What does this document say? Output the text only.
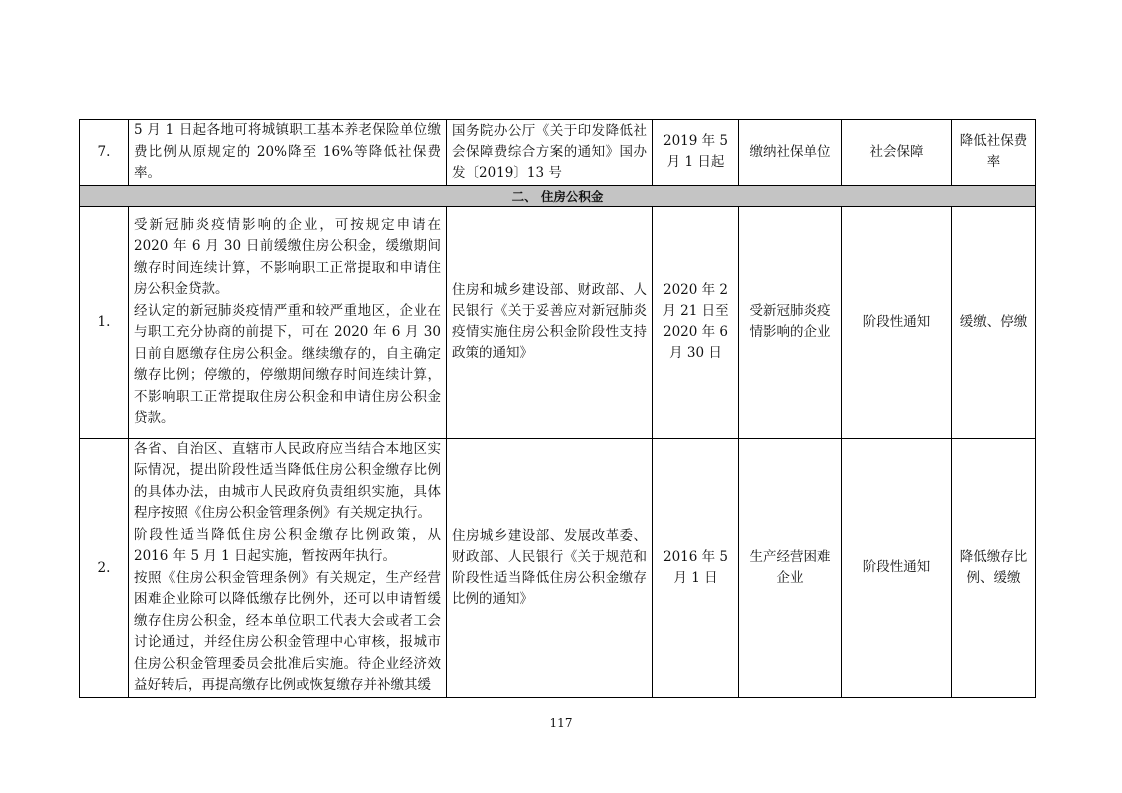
7.	5 月 1 日起各地可将城镇职工基本养老保险单位缴费比例从原规定的 20%降至 16%等降低社保费率。	国务院办公厅《关于印发降低社会保障费综合方案的通知》国办发〔2019〕13 号	2019 年 5 月 1 日起	缴纳社保单位	社会保障	降低社保费率
二、 住房公积金						
1.	受新冠肺炎疫情影响的企业，可按规定申请在 2020 年 6 月 30 日前缓缴住房公积金，缓缴期间缴存时间连续计算，不影响职工正常提取和申请住房公积金贷款。
经认定的新冠肺炎疫情严重和较严重地区，企业在与职工充分协商的前提下，可在 2020 年 6 月 30 日前自愿缴存住房公积金。继续缴存的，自主确定缴存比例；停缴的，停缴期间缴存时间连续计算，不影响职工正常提取住房公积金和申请住房公积金贷款。	住房和城乡建设部、财政部、人民银行《关于妥善应对新冠肺炎疫情实施住房公积金阶段性支持政策的通知》	2020 年 2 月 21 日至 2020 年 6 月 30 日	受新冠肺炎疫情影响的企业	阶段性通知	缓缴、停缴
2.	各省、自治区、直辖市人民政府应当结合本地区实际情况，提出阶段性适当降低住房公积金缴存比例的具体办法，由城市人民政府负责组织实施，具体程序按照《住房公积金管理条例》有关规定执行。
阶段性适当降低住房公积金缴存比例政策，从 2016 年 5 月 1 日起实施，暂按两年执行。
按照《住房公积金管理条例》有关规定，生产经营困难企业除可以降低缴存比例外，还可以申请暂缓缴存住房公积金，经本单位职工代表大会或者工会讨论通过，并经住房公积金管理中心审核，报城市住房公积金管理委员会批准后实施。待企业经济效益好转后，再提高缴存比例或恢复缴存并补缴其缓	住房城乡建设部、发展改革委、财政部、人民银行《关于规范和阶段性适当降低住房公积金缴存比例的通知》	2016 年 5 月 1 日	生产经营困难企业	阶段性通知	降低缴存比例、缓缴
117
